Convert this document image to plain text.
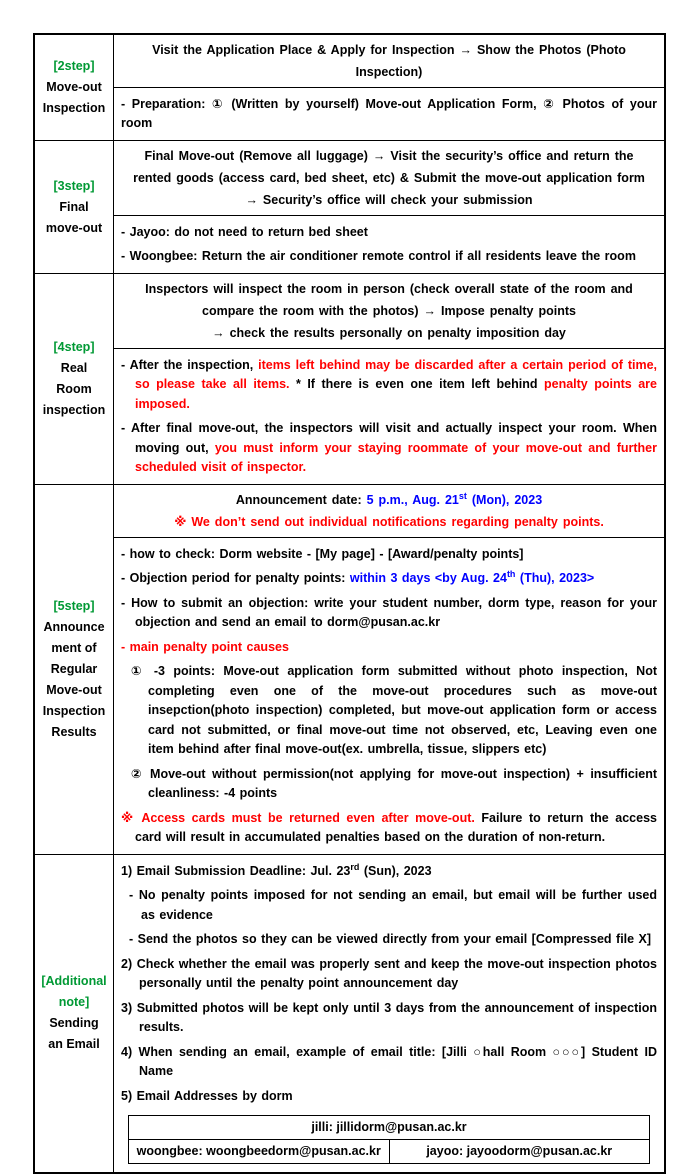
[2step]
Move-out
Inspection
Visit the Application Place & Apply for Inspection → Show the Photos (Photo Inspection)
- Preparation: ① (Written by yourself) Move-out Application Form, ② Photos of your room
[3step]
Final
move-out
Final Move-out (Remove all luggage) → Visit the security’s office and return the
rented goods (access card, bed sheet, etc) & Submit the move-out application form
→ Security’s office will check your submission
- Jayoo: do not need to return bed sheet
- Woongbee: Return the air conditioner remote control if all residents leave the room
[4step]
Real
Room
inspection
Inspectors will inspect the room in person (check overall state of the room and
compare the room with the photos) → Impose penalty points
→ check the results personally on penalty imposition day
- After the inspection, items left behind may be discarded after a certain period of time, so please take all items. * If there is even one item left behind penalty points are imposed.
- After final move-out, the inspectors will visit and actually inspect your room. When moving out, you must inform your staying roommate of your move-out and further scheduled visit of inspector.
[5step]
Announce
ment of
Regular
Move-out
Inspection
Results
Announcement date: 5 p.m., Aug. 21st (Mon), 2023
※ We don’t send out individual notifications regarding penalty points.
- how to check: Dorm website - [My page] - [Award/penalty points]
- Objection period for penalty points: within 3 days <by Aug. 24th (Thu), 2023>
- How to submit an objection: write your student number, dorm type, reason for your objection and send an email to dorm@pusan.ac.kr
- main penalty point causes
① -3 points: Move-out application form submitted without photo inspection, Not completing even one of the move-out procedures such as move-out insepction(photo inspection) completed, but move-out application form or access card not submitted, or final move-out time not observed, etc, Leaving even one item behind after final move-out(ex. umbrella, tissue, slippers etc)
② Move-out without permission(not applying for move-out inspection) + insufficient cleanliness: -4 points
※ Access cards must be returned even after move-out. Failure to return the access card will result in accumulated penalties based on the duration of non-return.
[Additional
note]
Sending
an Email
1) Email Submission Deadline: Jul. 23rd (Sun), 2023
- No penalty points imposed for not sending an email, but email will be further used as evidence
- Send the photos so they can be viewed directly from your email [Compressed file X]
2) Check whether the email was properly sent and keep the move-out inspection photos personally until the penalty point announcement day
3) Submitted photos will be kept only until 3 days from the announcement of inspection results.
4) When sending an email, example of email title: [Jilli ○hall Room ○○○] Student ID Name
5) Email Addresses by dorm
jilli: jillidorm@pusan.ac.kr
woongbee: woongbeedorm@pusan.ac.kr	jayoo: jayoodorm@pusan.ac.kr
